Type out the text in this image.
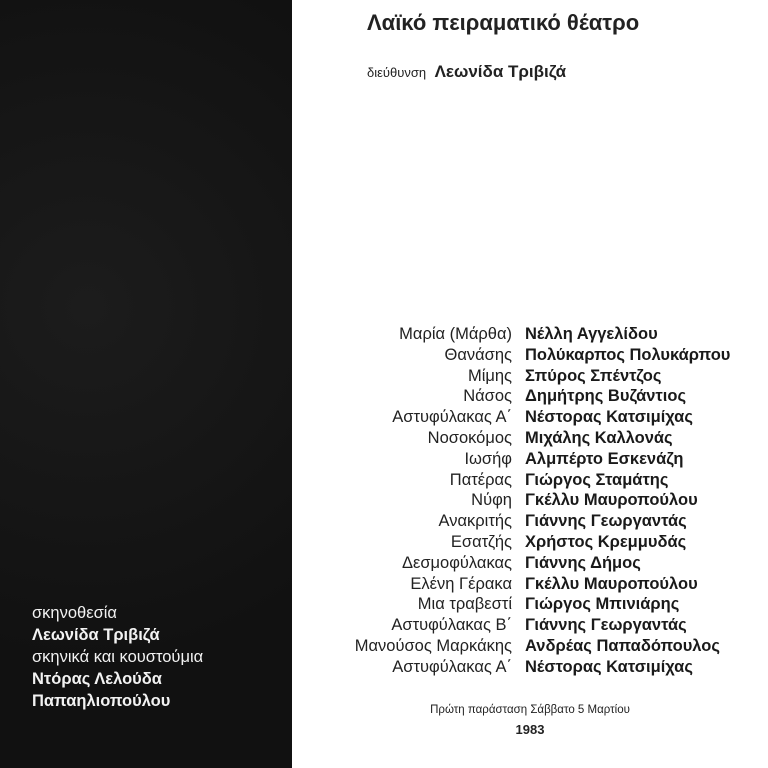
σκηνοθεσία
Λεωνίδα Τριβιζά
σκηνικά και κουστούμια
Ντόρας Λελούδα
Παπαηλιοπούλου
Λαϊκό πειραματικό θέατρο
διεύθυνση Λεωνίδα Τριβιζά
Μαρία (Μάρθα) Νέλλη Αγγελίδου
Θανάσης Πολύκαρπος Πολυκάρπου
Μίμης Σπύρος Σπέντζος
Νάσος Δημήτρης Βυζάντιος
Αστυφύλακας Α΄ Νέστορας Κατσιμίχας
Νοσοκόμος Μιχάλης Καλλονάς
Ιωσήφ Αλμπέρτο Εσκενάζη
Πατέρας Γιώργος Σταμάτης
Νύφη Γκέλλυ Μαυροπούλου
Ανακριτής Γιάννης Γεωργαντάς
Εσατζής Χρήστος Κρεμμυδάς
Δεσμοφύλακας Γιάννης Δήμος
Ελένη Γέρακα Γκέλλυ Μαυροπούλου
Μια τραβεστί Γιώργος Μπινιάρης
Αστυφύλακας Β΄ Γιάννης Γεωργαντάς
Μανούσος Μαρκάκης Ανδρέας Παπαδόπουλος
Αστυφύλακας Α΄ Νέστορας Κατσιμίχας
Πρώτη παράσταση Σάββατο 5 Μαρτίου
1983
